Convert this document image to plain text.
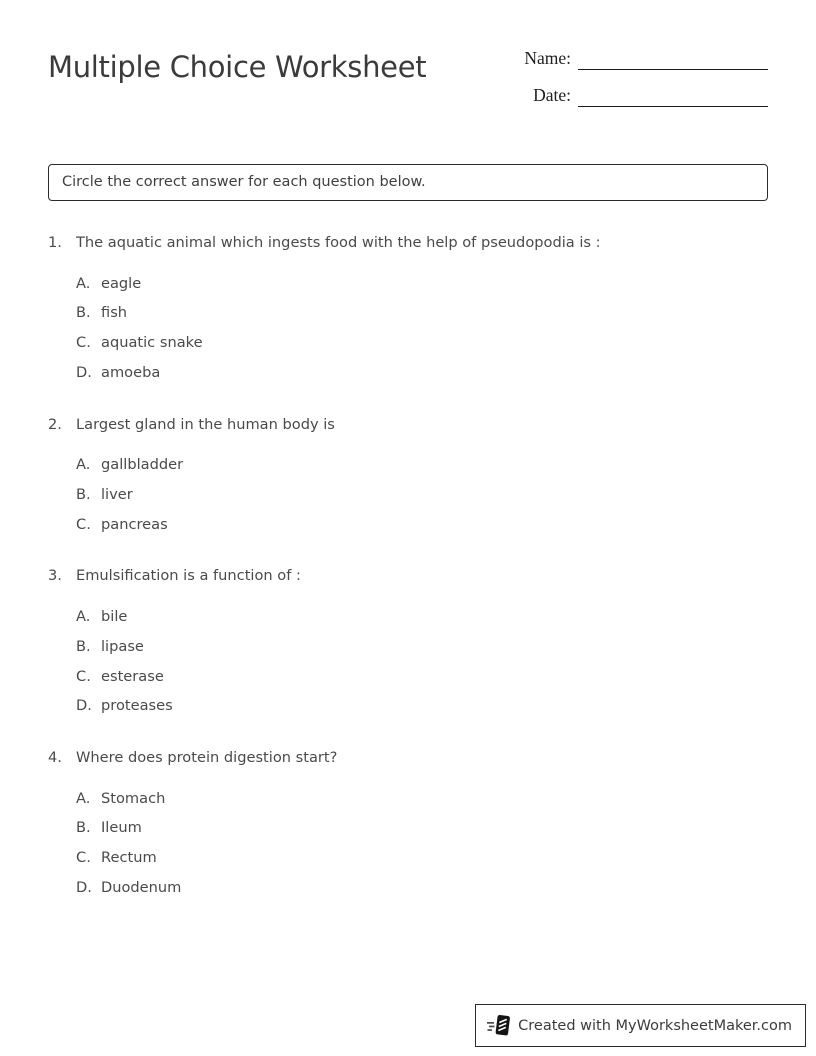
Multiple Choice Worksheet	Name:
Date:
Circle the correct answer for each question below.
1. The aquatic animal which ingests food with the help of pseudopodia is :
A. eagle
B. fish
C. aquatic snake
D. amoeba
2. Largest gland in the human body is
A. gallbladder
B. liver
C. pancreas
3. Emulsification is a function of :
A. bile
B. lipase
C. esterase
D. proteases
4. Where does protein digestion start?
A. Stomach
B. Ileum
C. Rectum
D. Duodenum
Created with MyWorksheetMaker.com
